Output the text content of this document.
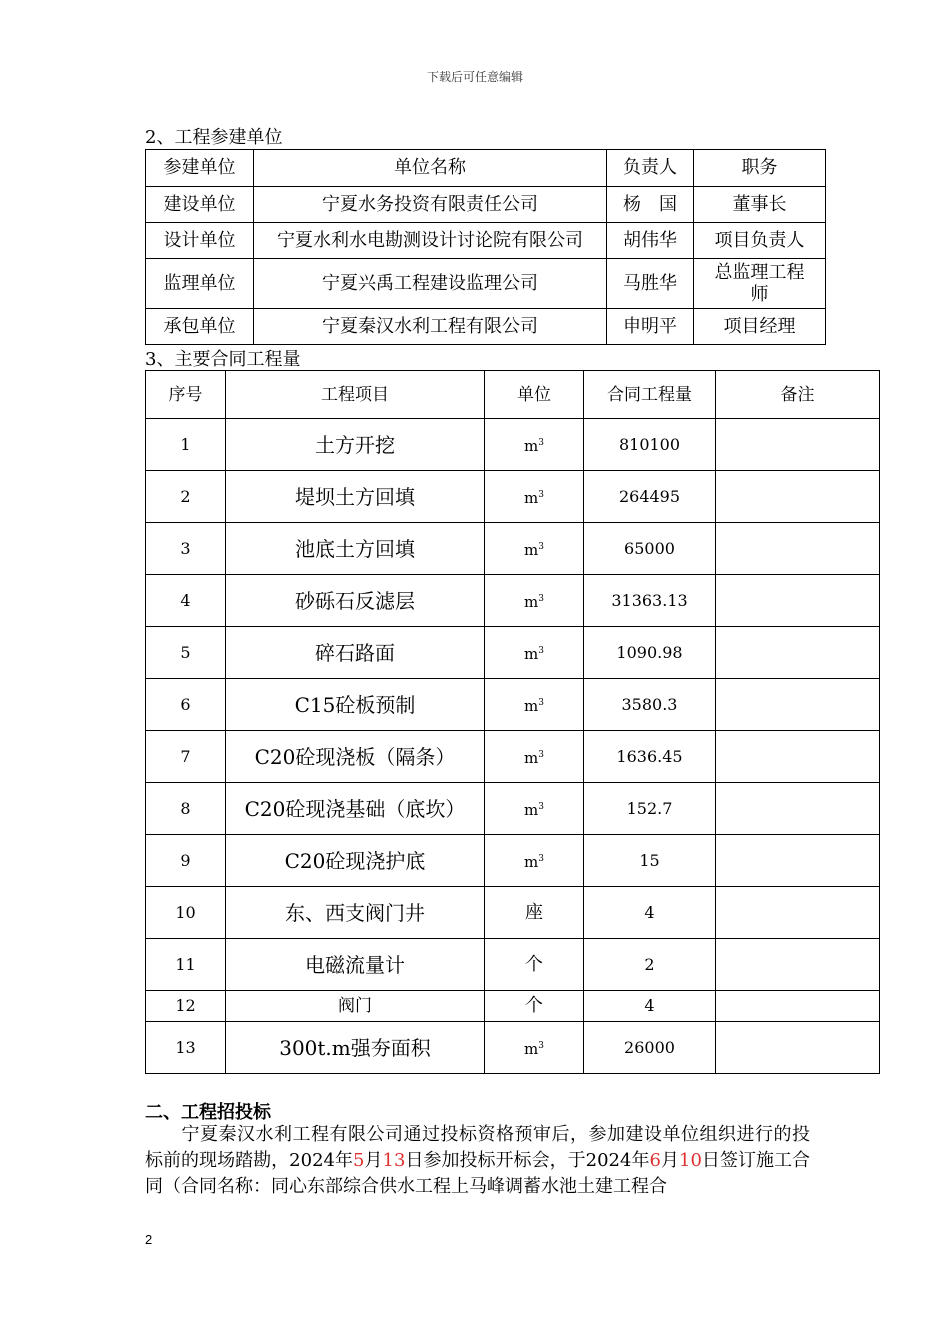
下载后可任意编辑
2、工程参建单位
参建单位	单位名称	负责人	职务
建设单位	宁夏水务投资有限责任公司	杨　国	董事长
设计单位	宁夏水利水电勘测设计讨论院有限公司	胡伟华	项目负责人
监理单位	宁夏兴禹工程建设监理公司	马胜华	总监理工程师
承包单位	宁夏秦汉水利工程有限公司	申明平	项目经理
3、主要合同工程量
序号	工程项目	单位	合同工程量	备注
1	土方开挖	$m^3$	810100	
2	堤坝土方回填	$m^3$	264495	
3	池底土方回填	$m^3$	65000	
4	砂砾石反滤层	$m^3$	31363.13	
5	碎石路面	$m^3$	1090.98	
6	C15砼板预制	$m^3$	3580.3	
7	C20砼现浇板（隔条）	$m^3$	1636.45	
8	C20砼现浇基础（底坎）	$m^3$	152.7	
9	C20砼现浇护底	$m^3$	15	
10	东、西支阀门井	座	4	
11	电磁流量计	个	2	
12	阀门	个	4	
13	300t.m强夯面积	$m^3$	26000	
二、工程招投标
宁夏秦汉水利工程有限公司通过投标资格预审后，参加建设单位组织进行的投标前的现场踏勘，2024年5月13日参加投标开标会，于2024年6月10日签订施工合同（合同名称：同心东部综合供水工程上马峰调蓄水池土建工程合
2
